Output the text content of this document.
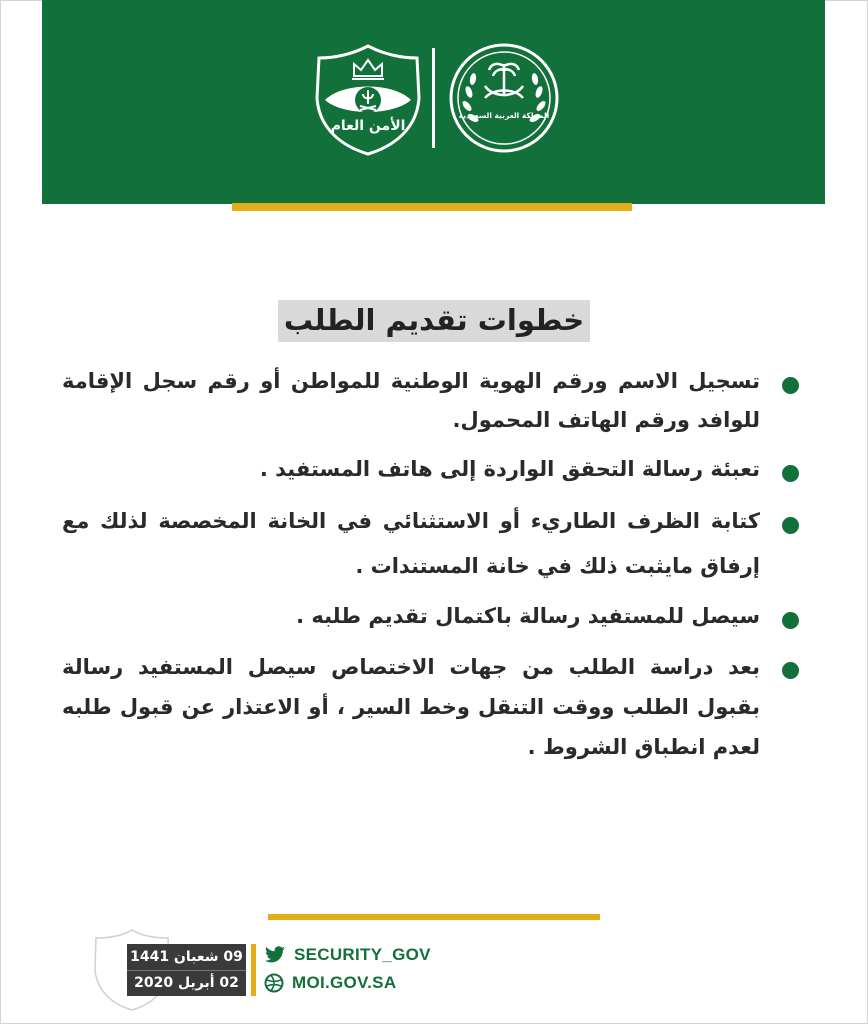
الأمن العام
المملكة العربية السعودية
خطوات تقديم الطلب
تسجيل الاسم ورقم الهوية الوطنية للمواطن أو رقم سجل الإقامة للوافد ورقم الهاتف المحمول.
تعبئة رسالة التحقق الواردة إلى هاتف المستفيد .
كتابة الظرف الطاريء أو الاستثنائي في الخانة المخصصة لذلك مع إرفاق مايثبت ذلك في خانة المستندات .
سيصل للمستفيد رسالة باكتمال تقديم طلبه .
بعد دراسة الطلب من جهات الاختصاص سيصل المستفيد رسالة بقبول الطلب ووقت التنقل وخط السير ، أو الاعتذار عن قبول طلبه لعدم انطباق الشروط .
09 شعبان 1441
02 أبريل 2020
SECURITY_GOV
MOI.GOV.SA
